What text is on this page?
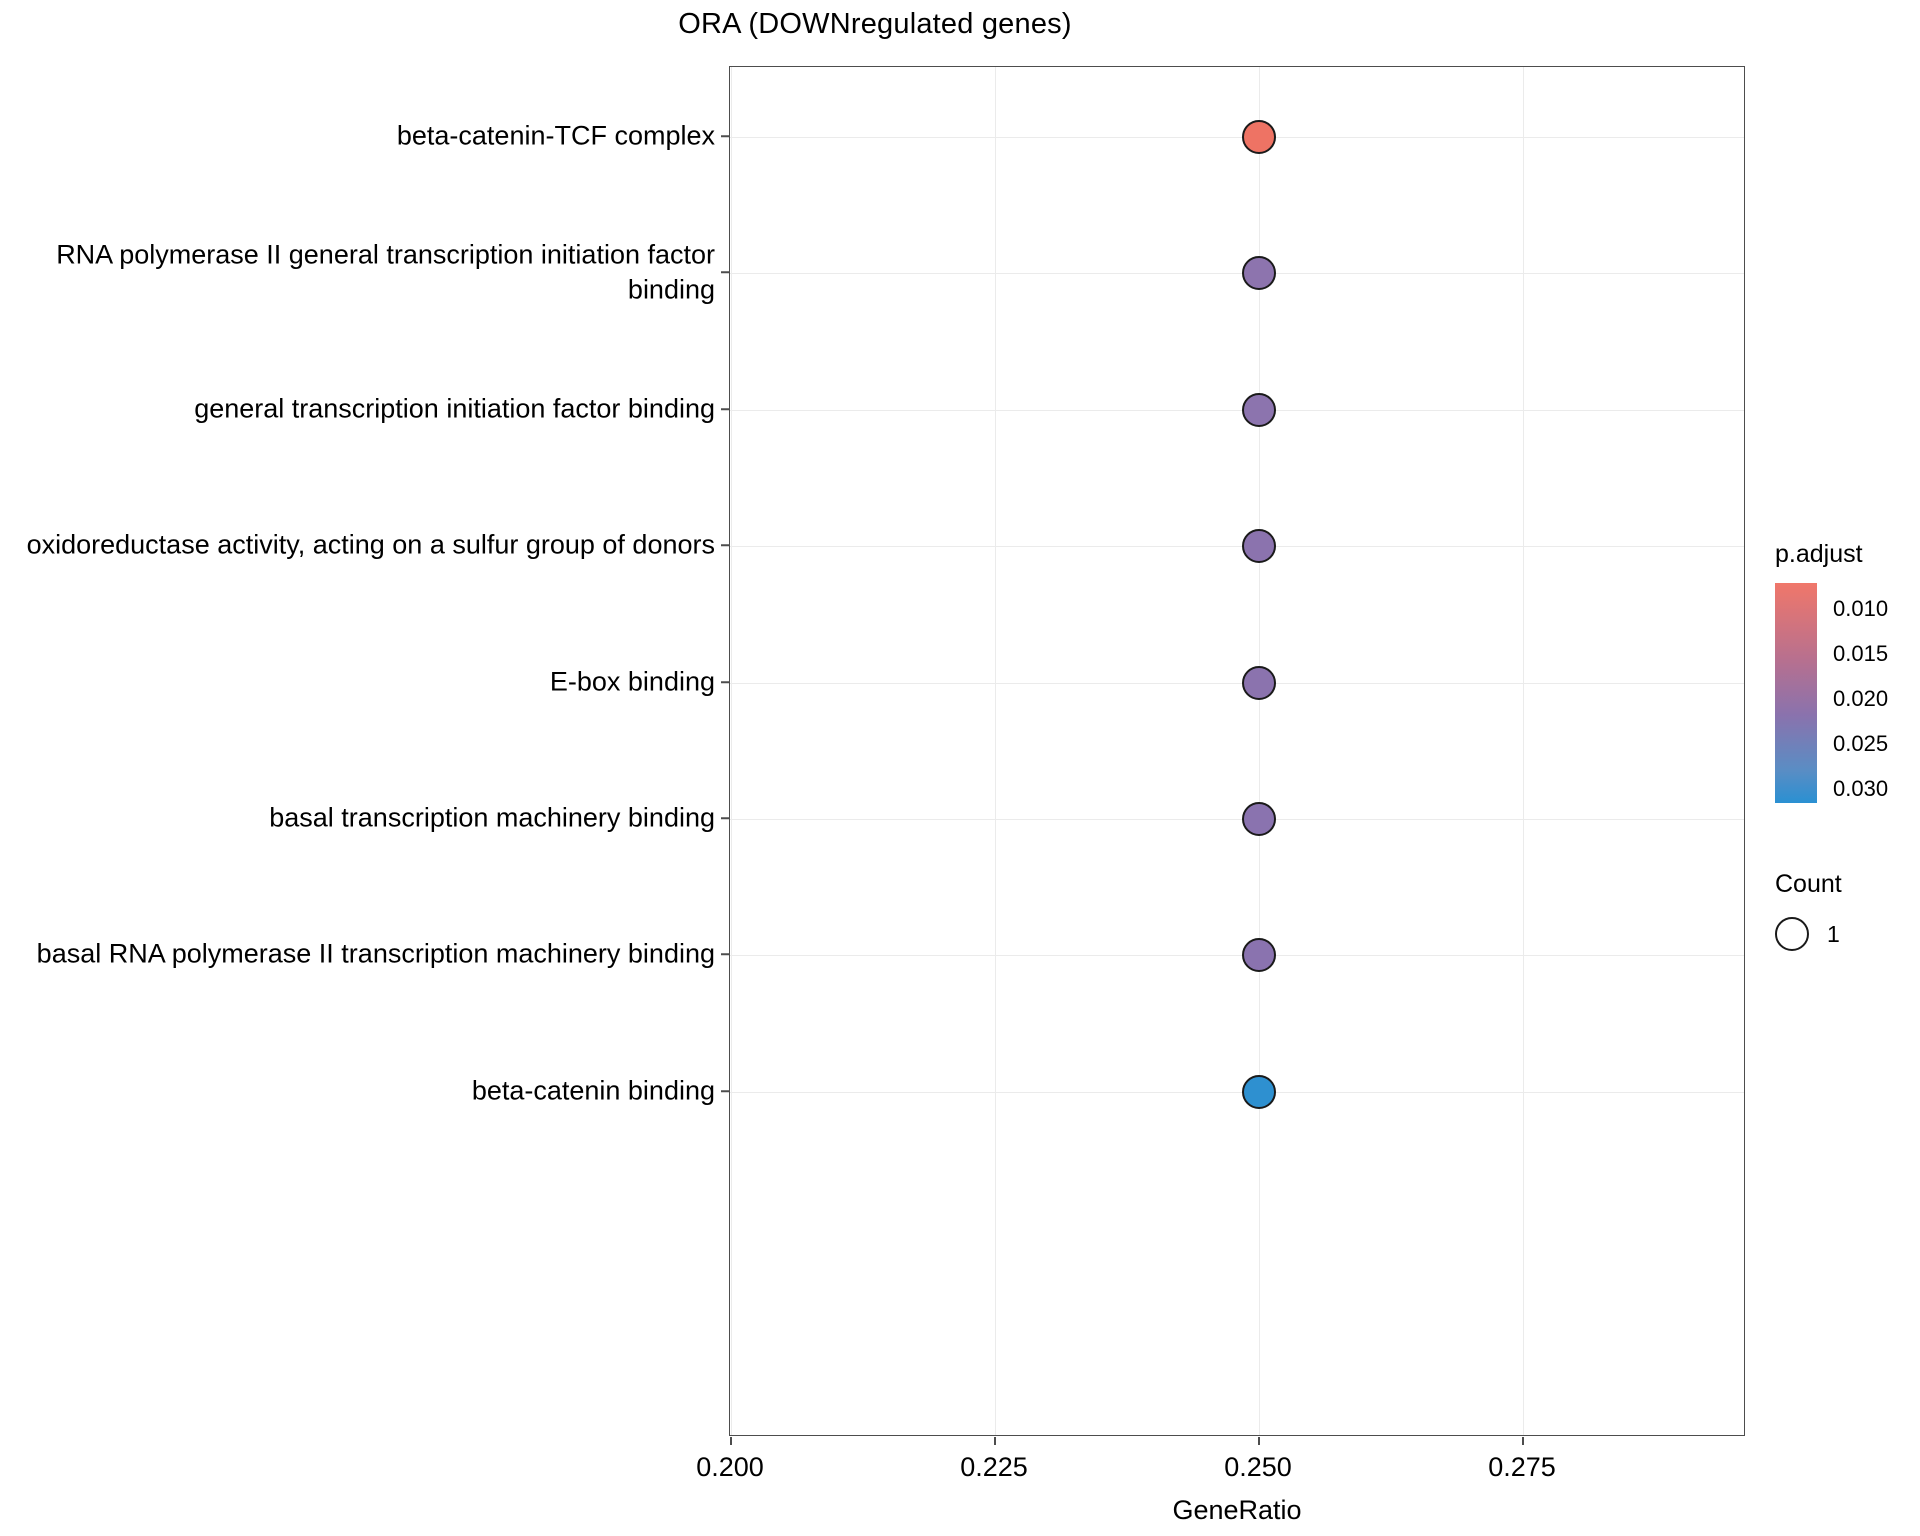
ORA (DOWNregulated genes)
beta-catenin-TCF complex
RNA polymerase II general transcription initiation factor binding
general transcription initiation factor binding
oxidoreductase activity, acting on a sulfur group of donors
E-box binding
basal transcription machinery binding
basal RNA polymerase II transcription machinery binding
beta-catenin binding
0.200	0.225	0.250	0.275
GeneRatio
p.adjust
0.010
0.015
0.020
0.025
0.030
Count
1
